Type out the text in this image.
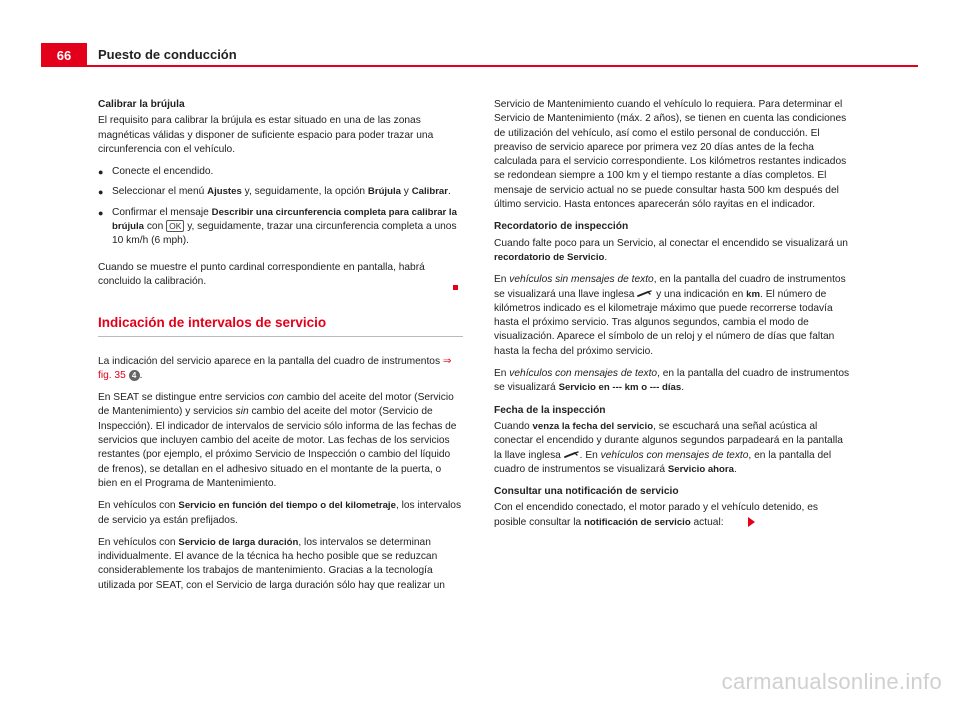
66	Puesto de conducción
Calibrar la brújula

El requisito para calibrar la brújula es estar situado en una de las zonas magnéticas válidas y disponer de suficiente espacio para poder trazar una circunferencia con el vehículo.

● Conecte el encendido.
● Seleccionar el menú Ajustes y, seguidamente, la opción Brújula y Calibrar.
● Confirmar el mensaje Describir una circunferencia completa para calibrar la brújula con OK y, seguidamente, trazar una circunferencia completa a unos 10 km/h (6 mph).

Cuando se muestre el punto cardinal correspondiente en pantalla, habrá concluido la calibración.

Indicación de intervalos de servicio

La indicación del servicio aparece en la pantalla del cuadro de instrumentos ⇒ fig. 35 4 .

En SEAT se distingue entre servicios con cambio del aceite del motor (Servicio de Mantenimiento) y servicios sin cambio del aceite del motor (Servicio de Inspección). El indicador de intervalos de servicio sólo informa de las fechas de servicios que incluyen cambio del aceite de motor. Las fechas de los servicios restantes (por ejemplo, el próximo Servicio de Inspección o cambio del líquido de frenos), se detallan en el adhesivo situado en el montante de la puerta, o bien en el Programa de Mantenimiento.

En vehículos con Servicio en función del tiempo o del kilometraje, los intervalos de servicio ya están prefijados.

En vehículos con Servicio de larga duración, los intervalos se determinan individualmente. El avance de la técnica ha hecho posible que se reduzcan considerablemente los trabajos de mantenimiento. Gracias a la tecnología utilizada por SEAT, con el Servicio de larga duración sólo hay que realizar un

Servicio de Mantenimiento cuando el vehículo lo requiera. Para determinar el Servicio de Mantenimiento (máx. 2 años), se tienen en cuenta las condiciones de utilización del vehículo, así como el estilo personal de conducción. El preaviso de servicio aparece por primera vez 20 días antes de la fecha calculada para el servicio correspondiente. Los kilómetros restantes indicados se redondean siempre a 100 km y el tiempo restante a días completos. El mensaje de servicio actual no se puede consultar hasta 500 km después del último servicio. Hasta entonces aparecerán sólo rayitas en el indicador.

Recordatorio de inspección

Cuando falte poco para un Servicio, al conectar el encendido se visualizará un recordatorio de Servicio.

En vehículos sin mensajes de texto, en la pantalla del cuadro de instrumentos se visualizará una llave inglesa  y una indicación en km. El número de kilómetros indicado es el kilometraje máximo que puede recorrerse todavía hasta el próximo servicio. Tras algunos segundos, cambia el modo de visualización. Aparece el símbolo de un reloj y el número de días que faltan hasta la fecha del próximo servicio.

En vehículos con mensajes de texto, en la pantalla del cuadro de instrumentos se visualizará Servicio en --- km o --- días.

Fecha de la inspección

Cuando venza la fecha del servicio, se escuchará una señal acústica al conectar el encendido y durante algunos segundos parpadeará en la pantalla la llave inglesa . En vehículos con mensajes de texto, en la pantalla del cuadro de instrumentos se visualizará Servicio ahora.

Consultar una notificación de servicio

Con el encendido conectado, el motor parado y el vehículo detenido, es posible consultar la notificación de servicio actual:

carmanualsonline.info
